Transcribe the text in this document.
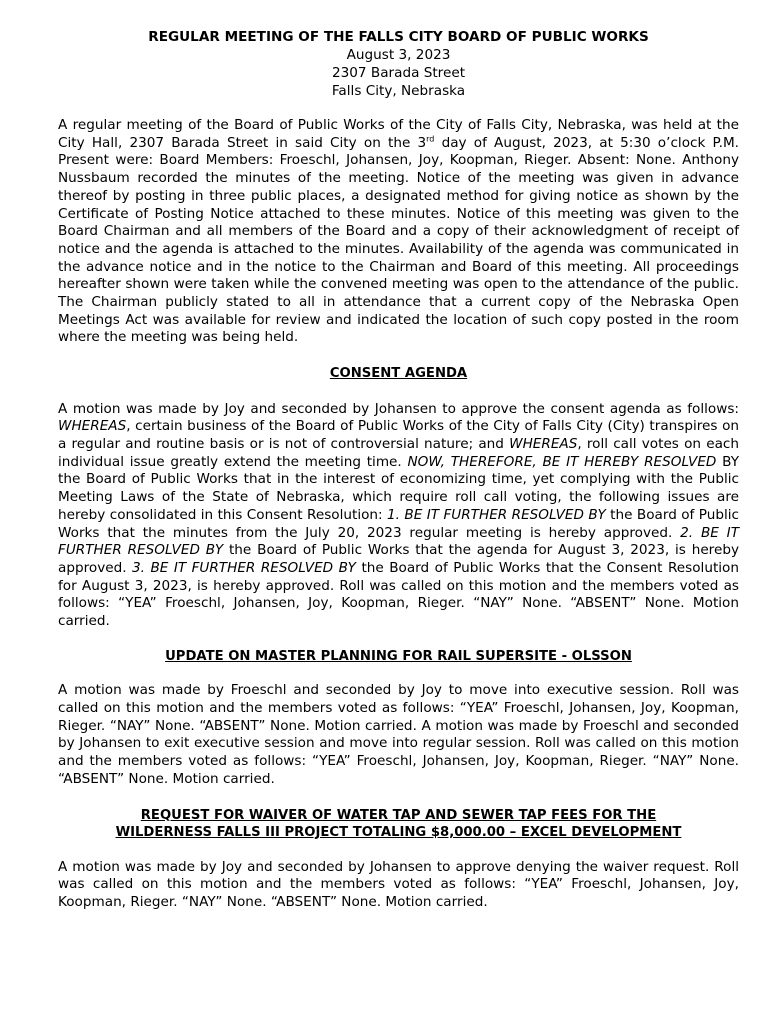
REGULAR MEETING OF THE FALLS CITY BOARD OF PUBLIC WORKS

August 3, 2023

2307 Barada Street

Falls City, Nebraska

A regular meeting of the Board of Public Works of the City of Falls City, Nebraska, was held at the City Hall, 2307 Barada Street in said City on the 3rd day of August, 2023, at 5:30 o’clock P.M. Present were: Board Members: Froeschl, Johansen, Joy, Koopman, Rieger. Absent: None. Anthony Nussbaum recorded the minutes of the meeting. Notice of the meeting was given in advance thereof by posting in three public places, a designated method for giving notice as shown by the Certificate of Posting Notice attached to these minutes. Notice of this meeting was given to the Board Chairman and all members of the Board and a copy of their acknowledgment of receipt of notice and the agenda is attached to the minutes. Availability of the agenda was communicated in the advance notice and in the notice to the Chairman and Board of this meeting. All proceedings hereafter shown were taken while the convened meeting was open to the attendance of the public. The Chairman publicly stated to all in attendance that a current copy of the Nebraska Open Meetings Act was available for review and indicated the location of such copy posted in the room where the meeting was being held.

CONSENT AGENDA

A motion was made by Joy and seconded by Johansen to approve the consent agenda as follows: WHEREAS, certain business of the Board of Public Works of the City of Falls City (City) transpires on a regular and routine basis or is not of controversial nature; and WHEREAS, roll call votes on each individual issue greatly extend the meeting time. NOW, THEREFORE, BE IT HEREBY RESOLVED BY the Board of Public Works that in the interest of economizing time, yet complying with the Public Meeting Laws of the State of Nebraska, which require roll call voting, the following issues are hereby consolidated in this Consent Resolution: 1. BE IT FURTHER RESOLVED BY the Board of Public Works that the minutes from the July 20, 2023 regular meeting is hereby approved. 2. BE IT FURTHER RESOLVED BY the Board of Public Works that the agenda for August 3, 2023, is hereby approved. 3. BE IT FURTHER RESOLVED BY the Board of Public Works that the Consent Resolution for August 3, 2023, is hereby approved. Roll was called on this motion and the members voted as follows: “YEA” Froeschl, Johansen, Joy, Koopman, Rieger. “NAY” None. “ABSENT” None. Motion carried.

UPDATE ON MASTER PLANNING FOR RAIL SUPERSITE - OLSSON

A motion was made by Froeschl and seconded by Joy to move into executive session. Roll was called on this motion and the members voted as follows: “YEA” Froeschl, Johansen, Joy, Koopman, Rieger. “NAY” None. “ABSENT” None. Motion carried. A motion was made by Froeschl and seconded by Johansen to exit executive session and move into regular session. Roll was called on this motion and the members voted as follows: “YEA” Froeschl, Johansen, Joy, Koopman, Rieger. “NAY” None. “ABSENT” None. Motion carried.

REQUEST FOR WAIVER OF WATER TAP AND SEWER TAP FEES FOR THE

WILDERNESS FALLS III PROJECT TOTALING $8,000.00 – EXCEL DEVELOPMENT

A motion was made by Joy and seconded by Johansen to approve denying the waiver request. Roll was called on this motion and the members voted as follows: “YEA” Froeschl, Johansen, Joy, Koopman, Rieger. “NAY” None. “ABSENT” None. Motion carried.
